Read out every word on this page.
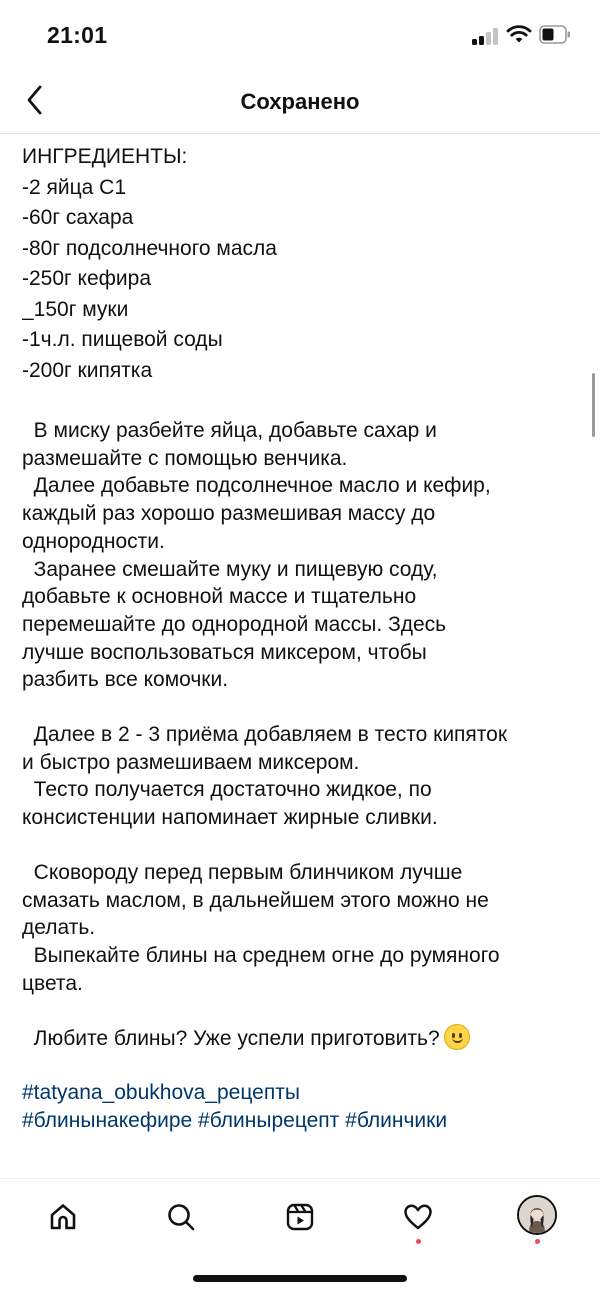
21:01
Сохранено
ИНГРЕДИЕНТЫ:
-2 яйца С1
-60г сахара
-80г подсолнечного масла
-250г кефира
_150г муки
-1ч.л. пищевой соды
-200г кипятка
В миску разбейте яйца, добавьте сахар и
размешайте с помощью венчика.
Далее добавьте подсолнечное масло и кефир,
каждый раз хорошо размешивая массу до
однородности.
Заранее смешайте муку и пищевую соду,
добавьте к основной массе и тщательно
перемешайте до однородной массы. Здесь
лучше воспользоваться миксером, чтобы
разбить все комочки.
Далее в 2 - 3 приёма добавляем в тесто кипяток
и быстро размешиваем миксером.
Тесто получается достаточно жидкое, по
консистенции напоминает жирные сливки.
Сковороду перед первым блинчиком лучше
смазать маслом, в дальнейшем этого можно не
делать.
Выпекайте блины на среднем огне до румяного
цвета.
Любите блины? Уже успели приготовить?
#tatyana_obukhova_рецепты
#блинынакефире #блинырецепт #блинчики
